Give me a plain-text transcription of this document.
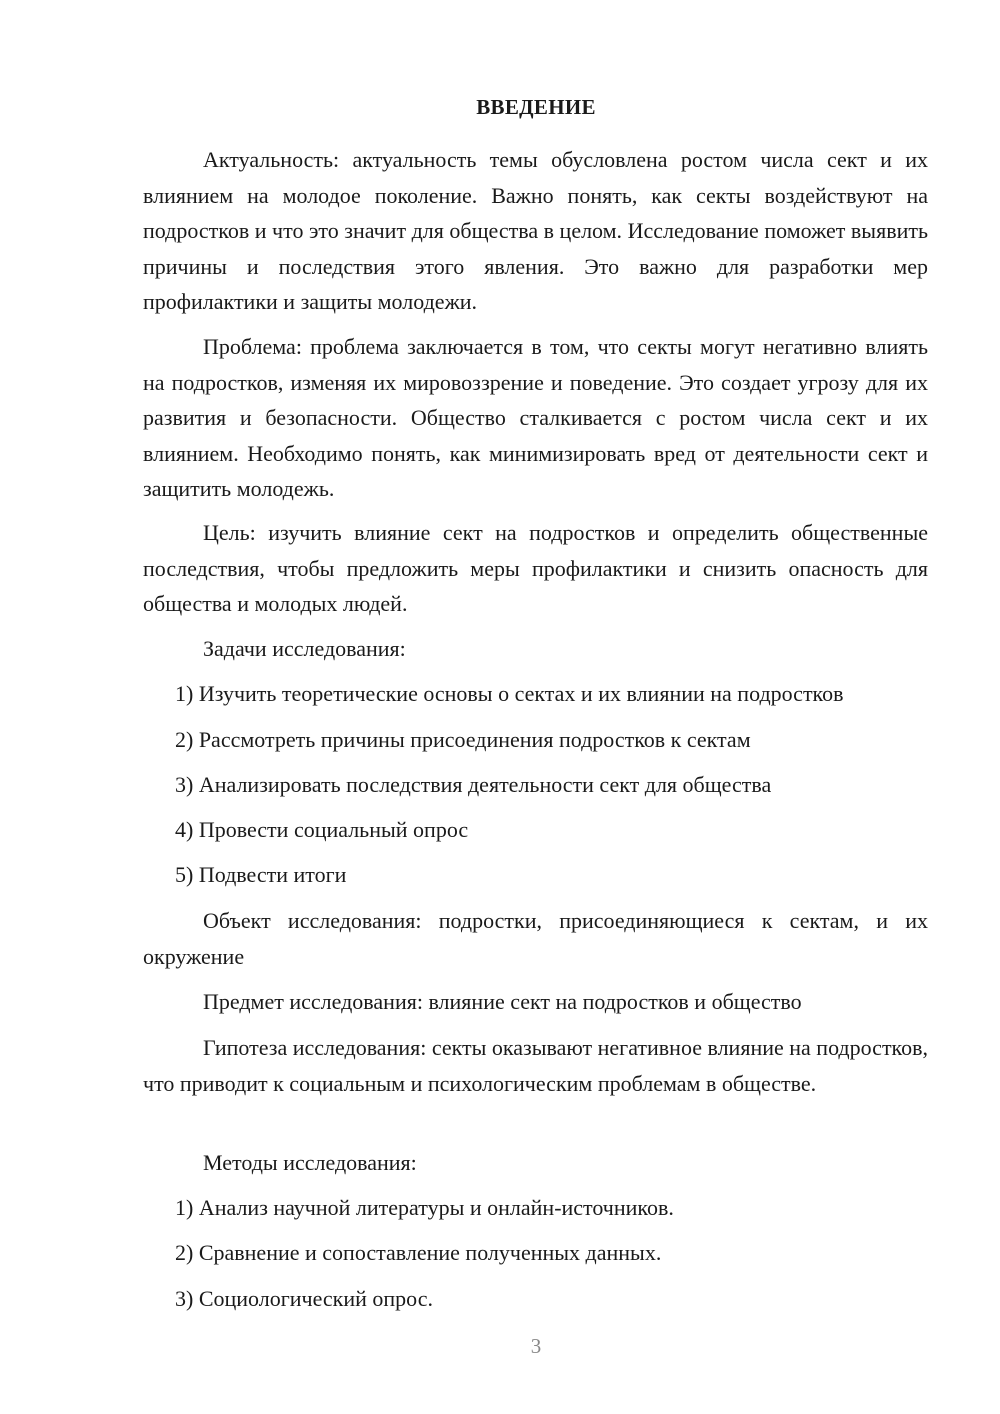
ВВЕДЕНИЕ

Актуальность: актуальность темы обусловлена ростом числа сект и их влиянием на молодое поколение. Важно понять, как секты воздействуют на подростков и что это значит для общества в целом. Исследование поможет выявить причины и последствия этого явления. Это важно для разработки мер профилактики и защиты молодежи.

Проблема: проблема заключается в том, что секты могут негативно влиять на подростков, изменяя их мировоззрение и поведение. Это создает угрозу для их развития и безопасности. Общество сталкивается с ростом числа сект и их влиянием. Необходимо понять, как минимизировать вред от деятельности сект и защитить молодежь.

Цель: изучить влияние сект на подростков и определить общественные последствия, чтобы предложить меры профилактики и снизить опасность для общества и молодых людей.

Задачи исследования:
1) Изучить теоретические основы о сектах и их влиянии на подростков
2) Рассмотреть причины присоединения подростков к сектам
3) Анализировать последствия деятельности сект для общества
4) Провести социальный опрос
5) Подвести итоги

Объект исследования: подростки, присоединяющиеся к сектам, и их окружение

Предмет исследования: влияние сект на подростков и общество

Гипотеза исследования: секты оказывают негативное влияние на подростков, что приводит к социальным и психологическим проблемам в обществе.

Методы исследования:
1) Анализ научной литературы и онлайн-источников.
2) Сравнение и сопоставление полученных данных.
3) Социологический опрос.
3
